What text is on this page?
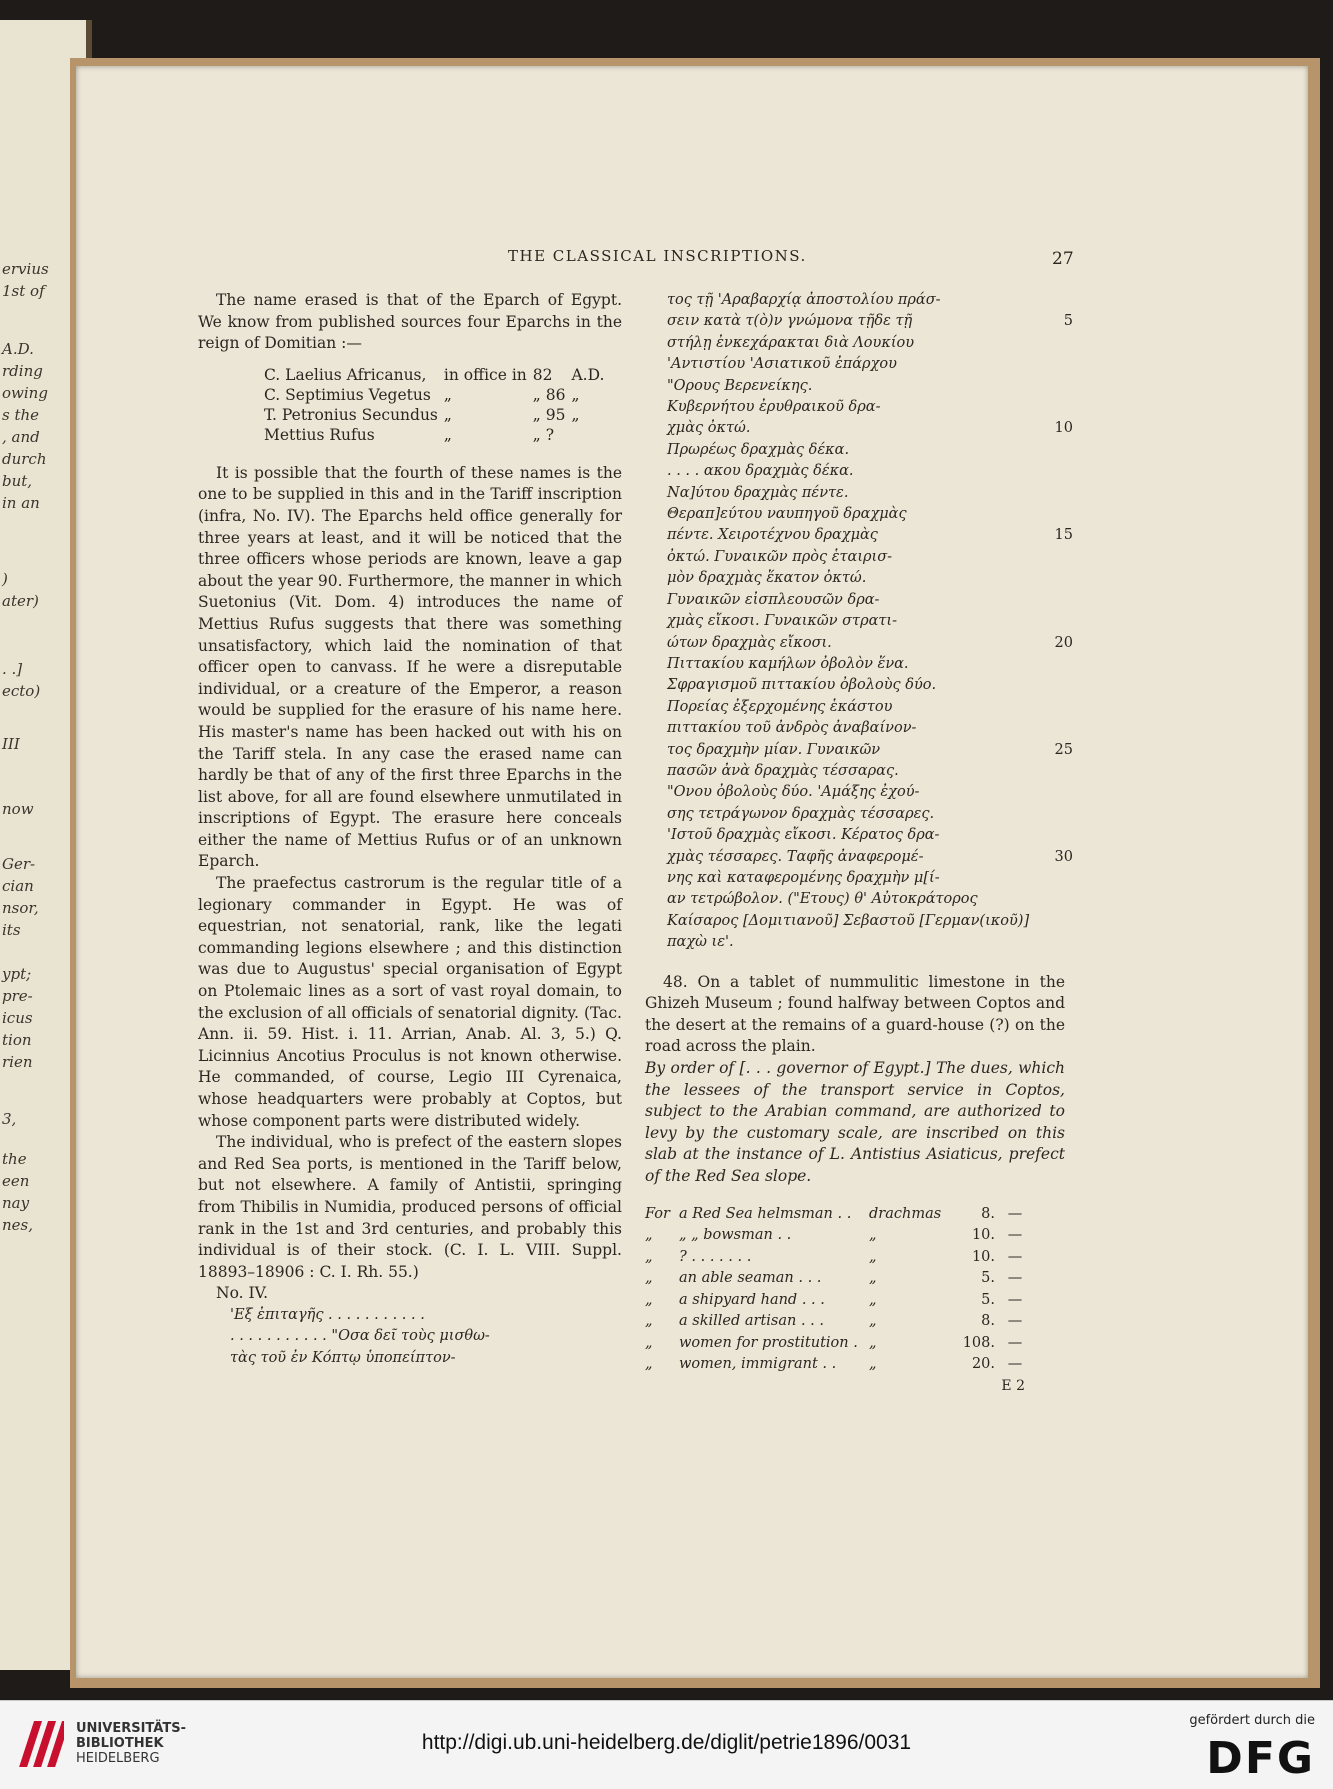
ervius
1st of
A.D.
rding
owing
s the
, and
durch
but,
in an
)
ater)
. .]
ecto)
III
now
Ger-
cian
nsor,
its
ypt;
pre-
icus
tion
rien
3,
the
een
nay
nes,
THE CLASSICAL INSCRIPTIONS.	27

The name erased is that of the Eparch of Egypt. We know from published sources four Eparchs in the reign of Domitian :—

C. Laelius Africanus,	in office in	82	A.D.
C. Septimius Vegetus	„	„ 86	„
T. Petronius Secundus	„	„ 95	„
Mettius Rufus	„	„ ?	

It is possible that the fourth of these names is the one to be supplied in this and in the Tariff inscription (infra, No. IV). The Eparchs held office generally for three years at least, and it will be noticed that the three officers whose periods are known, leave a gap about the year 90. Furthermore, the manner in which Suetonius (Vit. Dom. 4) introduces the name of Mettius Rufus suggests that there was something unsatisfactory, which laid the nomination of that officer open to canvass. If he were a disreputable individual, or a creature of the Emperor, a reason would be supplied for the erasure of his name here. His master's name has been hacked out with his on the Tariff stela. In any case the erased name can hardly be that of any of the first three Eparchs in the list above, for all are found elsewhere unmutilated in inscriptions of Egypt. The erasure here conceals either the name of Mettius Rufus or of an unknown Eparch.

The praefectus castrorum is the regular title of a legionary commander in Egypt. He was of equestrian, not senatorial, rank, like the legati commanding legions elsewhere ; and this distinction was due to Augustus' special organisation of Egypt on Ptolemaic lines as a sort of vast royal domain, to the exclusion of all officials of senatorial dignity. (Tac. Ann. ii. 59. Hist. i. 11. Arrian, Anab. Al. 3, 5.) Q. Licinnius Ancotius Proculus is not known otherwise. He commanded, of course, Legio III Cyrenaica, whose headquarters were probably at Coptos, but whose component parts were distributed widely.

The individual, who is prefect of the eastern slopes and Red Sea ports, is mentioned in the Tariff below, but not elsewhere. A family of Antistii, springing from Thibilis in Numidia, produced persons of official rank in the 1st and 3rd centuries, and probably this individual is of their stock. (C. I. L. VIII. Suppl. 18893–18906 : C. I. Rh. 55.)

No. IV.

'Εξ ἐπιταγῆς . . . . . . . . . . .

. . . . . . . . . . . "Οσα δεῖ τοὺς μισθω-

τὰς τοῦ ἐν Κόπτῳ ὑποπείπτον-

τος τῇ 'Αραβαρχίᾳ ἀποστολίου πράσ-
σειν κατὰ τ(ὸ)ν γνώμονα τῇδε τῇ	5
στήλῃ ἐνκεχάρακται διὰ Λουκίου
'Αντιστίου 'Ασιατικοῦ ἐπάρχου
"Ορους Βερενείκης.
Κυβερνήτου ἐρυθραικοῦ δρα-
χμὰς ὀκτώ.	10
Πρωρέως δραχμὰς δέκα.
. . . . ακου δραχμὰς δέκα.
Να]ύτου δραχμὰς πέντε.
Θεραπ]εύτου ναυπηγοῦ δραχμὰς
πέντε. Χειροτέχνου δραχμὰς	15
ὀκτώ. Γυναικῶν πρὸς ἑταιρισ-
μὸν δραχμὰς ἕκατον ὀκτώ.
Γυναικῶν εἰσπλεουσῶν δρα-
χμὰς εἴκοσι. Γυναικῶν στρατι-
ώτων δραχμὰς εἴκοσι.	20
Πιττακίου καμήλων ὀβολὸν ἕνα.
Σφραγισμοῦ πιττακίου ὀβολοὺς δύο.
Πορείας ἐξερχομένης ἑκάστου
πιττακίου τοῦ ἀνδρὸς ἀναβαίνον-
τος δραχμὴν μίαν. Γυναικῶν	25
πασῶν ἀνὰ δραχμὰς τέσσαρας.
"Ονου ὀβολοὺς δύο. 'Αμάξης ἐχού-
σης τετράγωνον δραχμὰς τέσσαρες.
'Ιστοῦ δραχμὰς εἴκοσι. Κέρατος δρα-
χμὰς τέσσαρες. Ταφῆς ἀναφερομέ-	30
νης καὶ καταφερομένης δραχμὴν μ[ί-
αν τετρώβολον. ("Ετους) θ' Αὐτοκράτορος
Καίσαρος [Δομιτιανοῦ] Σεβαστοῦ [Γερμαν(ικοῦ)]
παχὼ ιε'.

48. On a tablet of nummulitic limestone in the Ghizeh Museum ; found halfway between Coptos and the desert at the remains of a guard-house (?) on the road across the plain.

By order of [. . . governor of Egypt.] The dues, which the lessees of the transport service in Coptos, subject to the Arabian command, are authorized to levy by the customary scale, are inscribed on this slab at the instance of L. Antistius Asiaticus, prefect of the Red Sea slope.

For a Red Sea helmsman . .	drachmas	8. —
„	„ „ bowsman . .	„	10. —
„	? . . . . . . .	„	10. —
„	an able seaman . . .	„	5. —
„	a shipyard hand . . .	„	5. —
„	a skilled artisan . . .	„	8. —
„	women for prostitution . „	108. —
„	women, immigrant . .	„	20. —
E 2
UNIVERSITÄTS-
BIBLIOTHEK
HEIDELBERG
http://digi.ub.uni-heidelberg.de/diglit/petrie1896/0031
gefördert durch die
DFG
